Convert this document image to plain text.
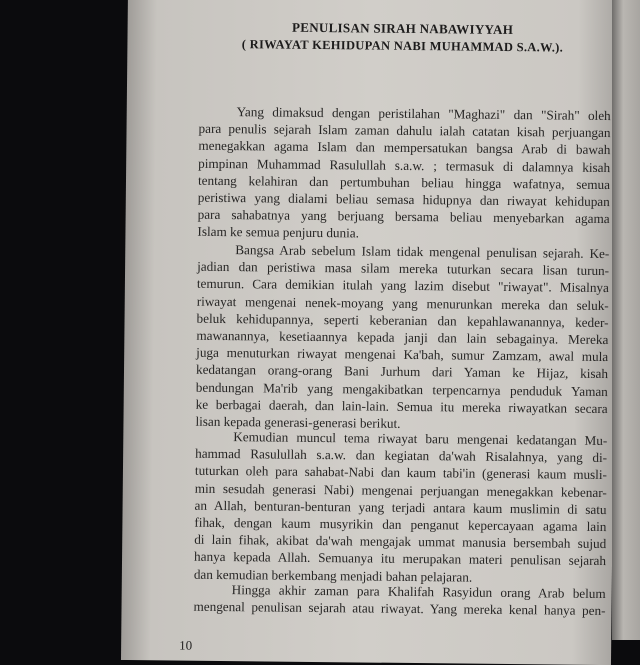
PENULISAN SIRAH NABAWIYYAH
( RIWAYAT KEHIDUPAN NABI MUHAMMAD S.A.W.).
Yang dimaksud dengan peristilahan "Maghazi" dan "Sirah" oleh
para penulis sejarah Islam zaman dahulu ialah catatan kisah perjuangan
menegakkan agama Islam dan mempersatukan bangsa Arab di bawah
pimpinan Muhammad Rasulullah s.a.w. ; termasuk di dalamnya kisah
tentang kelahiran dan pertumbuhan beliau hingga wafatnya, semua
peristiwa yang dialami beliau semasa hidupnya dan riwayat kehidupan
para sahabatnya yang berjuang bersama beliau menyebarkan agama
Islam ke semua penjuru dunia.
Bangsa Arab sebelum Islam tidak mengenal penulisan sejarah. Ke-
jadian dan peristiwa masa silam mereka tuturkan secara lisan turun-
temurun. Cara demikian itulah yang lazim disebut "riwayat". Misalnya
riwayat mengenai nenek-moyang yang menurunkan mereka dan seluk-
beluk kehidupannya, seperti keberanian dan kepahlawanannya, keder-
mawanannya, kesetiaannya kepada janji dan lain sebagainya. Mereka
juga menuturkan riwayat mengenai Ka'bah, sumur Zamzam, awal mula
kedatangan orang-orang Bani Jurhum dari Yaman ke Hijaz, kisah
bendungan Ma'rib yang mengakibatkan terpencarnya penduduk Yaman
ke berbagai daerah, dan lain-lain. Semua itu mereka riwayatkan secara
lisan kepada generasi-generasi berikut.
Kemudian muncul tema riwayat baru mengenai kedatangan Mu-
hammad Rasulullah s.a.w. dan kegiatan da'wah Risalahnya, yang di-
tuturkan oleh para sahabat-Nabi dan kaum tabi'in (generasi kaum musli-
min sesudah generasi Nabi) mengenai perjuangan menegakkan kebenar-
an Allah, benturan-benturan yang terjadi antara kaum muslimin di satu
fihak, dengan kaum musyrikin dan penganut kepercayaan agama lain
di lain fihak, akibat da'wah mengajak ummat manusia bersembah sujud
hanya kepada Allah. Semuanya itu merupakan materi penulisan sejarah
dan kemudian berkembang menjadi bahan pelajaran.
Hingga akhir zaman para Khalifah Rasyidun orang Arab belum
mengenal penulisan sejarah atau riwayat. Yang mereka kenal hanya pen-
10
